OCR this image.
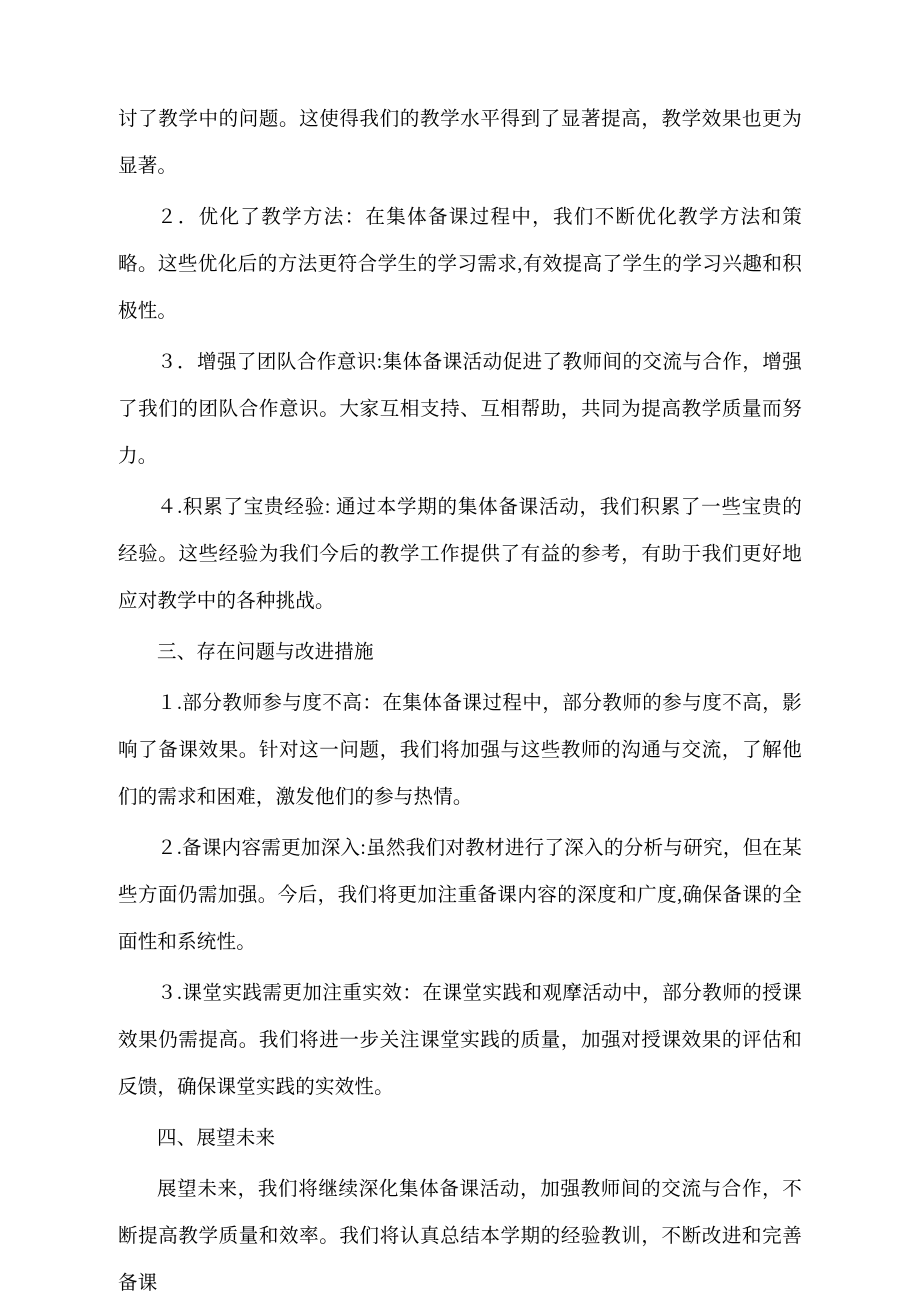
讨了教学中的问题。这使得我们的教学水平得到了显著提高，教学效果也更为显著。

２．优化了教学方法：在集体备课过程中，我们不断优化教学方法和策略。这些优化后的方法更符合学生的学习需求,有效提高了学生的学习兴趣和积极性。

３．增强了团队合作意识:集体备课活动促进了教师间的交流与合作，增强了我们的团队合作意识。大家互相支持、互相帮助，共同为提高教学质量而努力。

４.积累了宝贵经验: 通过本学期的集体备课活动，我们积累了一些宝贵的经验。这些经验为我们今后的教学工作提供了有益的参考，有助于我们更好地应对教学中的各种挑战。

三、存在问题与改进措施

１.部分教师参与度不高：在集体备课过程中，部分教师的参与度不高，影响了备课效果。针对这一问题，我们将加强与这些教师的沟通与交流，了解他们的需求和困难，激发他们的参与热情。

２.备课内容需更加深入:虽然我们对教材进行了深入的分析与研究，但在某些方面仍需加强。今后，我们将更加注重备课内容的深度和广度,确保备课的全面性和系统性。

３.课堂实践需更加注重实效：在课堂实践和观摩活动中，部分教师的授课效果仍需提高。我们将进一步关注课堂实践的质量，加强对授课效果的评估和反馈，确保课堂实践的实效性。

四、展望未来

展望未来，我们将继续深化集体备课活动，加强教师间的交流与合作，不断提高教学质量和效率。我们将认真总结本学期的经验教训，不断改进和完善备课
